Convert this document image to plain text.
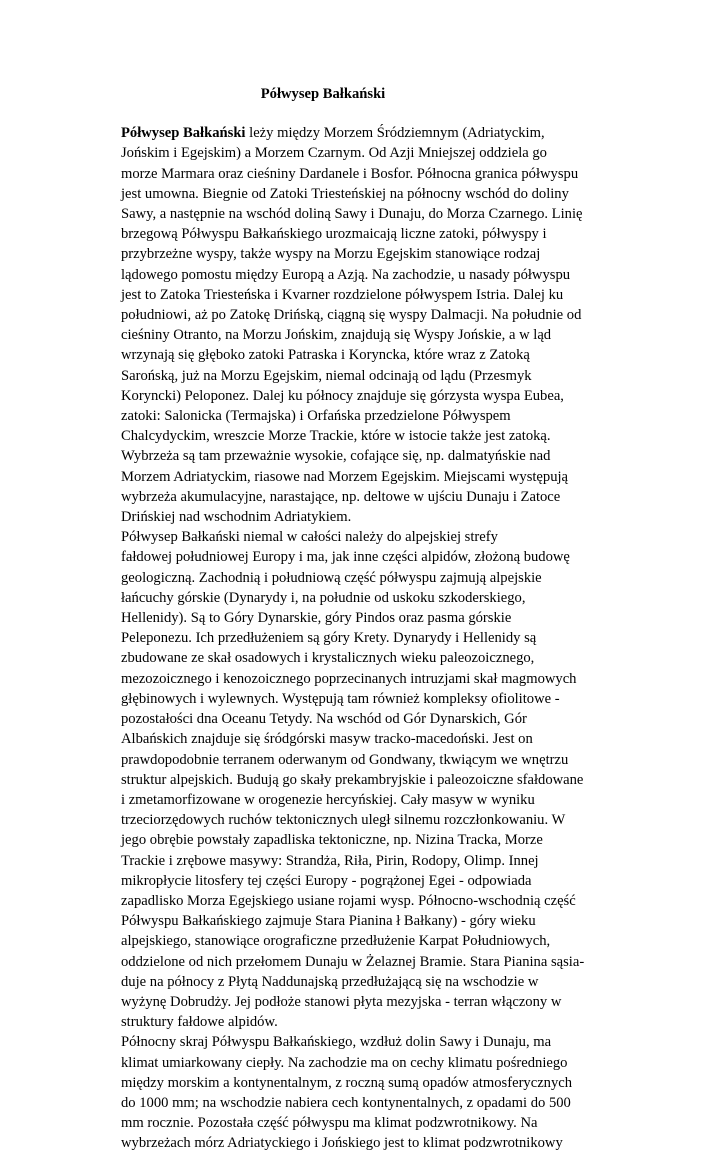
Półwysep Bałkański
Półwysep Bałkański leży między Morzem Śródziemnym (Adriatyckim,
Jońskim i Egejskim) a Morzem Czarnym. Od Azji Mniejszej oddziela go
morze Marmara oraz cieśniny Dardanele i Bosfor. Północna granica półwyspu
jest umowna. Biegnie od Zatoki Triesteńskiej na północny wschód do doliny
Sawy, a następnie na wschód doliną Sawy i Dunaju, do Morza Czarnego. Linię
brzegową Półwyspu Bałkańskiego urozmaicają liczne zatoki, półwyspy i
przybrzeżne wyspy, także wyspy na Morzu Egejskim stanowiące rodzaj
lądowego pomostu między Europą a Azją. Na zachodzie, u nasady półwyspu
jest to Zatoka Triesteńska i Kvarner rozdzielone półwyspem Istria. Dalej ku
południowi, aż po Zatokę Drińską, ciągną się wyspy Dalmacji. Na południe od
cieśniny Otranto, na Morzu Jońskim, znajdują się Wyspy Jońskie, a w ląd
wrzynają się głęboko zatoki Patraska i Koryncka, które wraz z Zatoką
Sarońską, już na Morzu Egejskim, niemal odcinają od lądu (Przesmyk
Koryncki) Peloponez. Dalej ku północy znajduje się górzysta wyspa Eubea,
zatoki: Salonicka (Termajska) i Orfańska przedzielone Półwyspem
Chalcydyckim, wreszcie Morze Trackie, które w istocie także jest zatoką.
Wybrzeża są tam przeważnie wysokie, cofające się, np. dalmatyńskie nad
Morzem Adriatyckim, riasowe nad Morzem Egejskim. Miejscami występują
wybrzeża akumulacyjne, narastające, np. deltowe w ujściu Dunaju i Zatoce
Drińskiej nad wschodnim Adriatykiem.
Półwysep Bałkański niemal w całości należy do alpejskiej strefy
fałdowej południowej Europy i ma, jak inne części alpidów, złożoną budowę
geologiczną. Zachodnią i południową część półwyspu zajmują alpejskie
łańcuchy górskie (Dynarydy i, na południe od uskoku szkoderskiego,
Hellenidy). Są to Góry Dynarskie, góry Pindos oraz pasma górskie
Peleponezu. Ich przedłużeniem są góry Krety. Dynarydy i Hellenidy są
zbudowane ze skał osadowych i krystalicznych wieku paleozoicznego,
mezozoicznego i kenozoicznego poprzecinanych intruzjami skał magmowych
głębinowych i wylewnych. Występują tam również kompleksy ofiolitowe -
pozostałości dna Oceanu Tetydy. Na wschód od Gór Dynarskich, Gór
Albańskich znajduje się śródgórski masyw tracko-macedoński. Jest on
prawdopodobnie terranem oderwanym od Gondwany, tkwiącym we wnętrzu
struktur alpejskich. Budują go skały prekambryjskie i paleozoiczne sfałdowane
i zmetamorfizowane w orogenezie hercyńskiej. Cały masyw w wyniku
trzeciorzędowych ruchów tektonicznych uległ silnemu rozczłonkowaniu. W
jego obrębie powstały zapadliska tektoniczne, np. Nizina Tracka, Morze
Trackie i zrębowe masywy: Strandża, Riła, Pirin, Rodopy, Olimp. Innej
mikropłycie litosfery tej części Europy - pogrążonej Egei - odpowiada
zapadlisko Morza Egejskiego usiane rojami wysp. Północno-wschodnią część
Półwyspu Bałkańskiego zajmuje Stara Pianina ł Bałkany) - góry wieku
alpejskiego, stanowiące orograficzne przedłużenie Karpat Południowych,
oddzielone od nich przełomem Dunaju w Żelaznej Bramie. Stara Pianina sąsia-
duje na północy z Płytą Naddunajską przedłużającą się na wschodzie w
wyżynę Dobrudży. Jej podłoże stanowi płyta mezyjska - terran włączony w
struktury fałdowe alpidów.
Północny skraj Półwyspu Bałkańskiego, wzdłuż dolin Sawy i Dunaju, ma
klimat umiarkowany ciepły. Na zachodzie ma on cechy klimatu pośredniego
między morskim a kontynentalnym, z roczną sumą opadów atmosferycznych
do 1000 mm; na wschodzie nabiera cech kontynentalnych, z opadami do 500
mm rocznie. Pozostała część półwyspu ma klimat podzwrotnikowy. Na
wybrzeżach mórz Adriatyckiego i Jońskiego jest to klimat podzwrotnikowy
